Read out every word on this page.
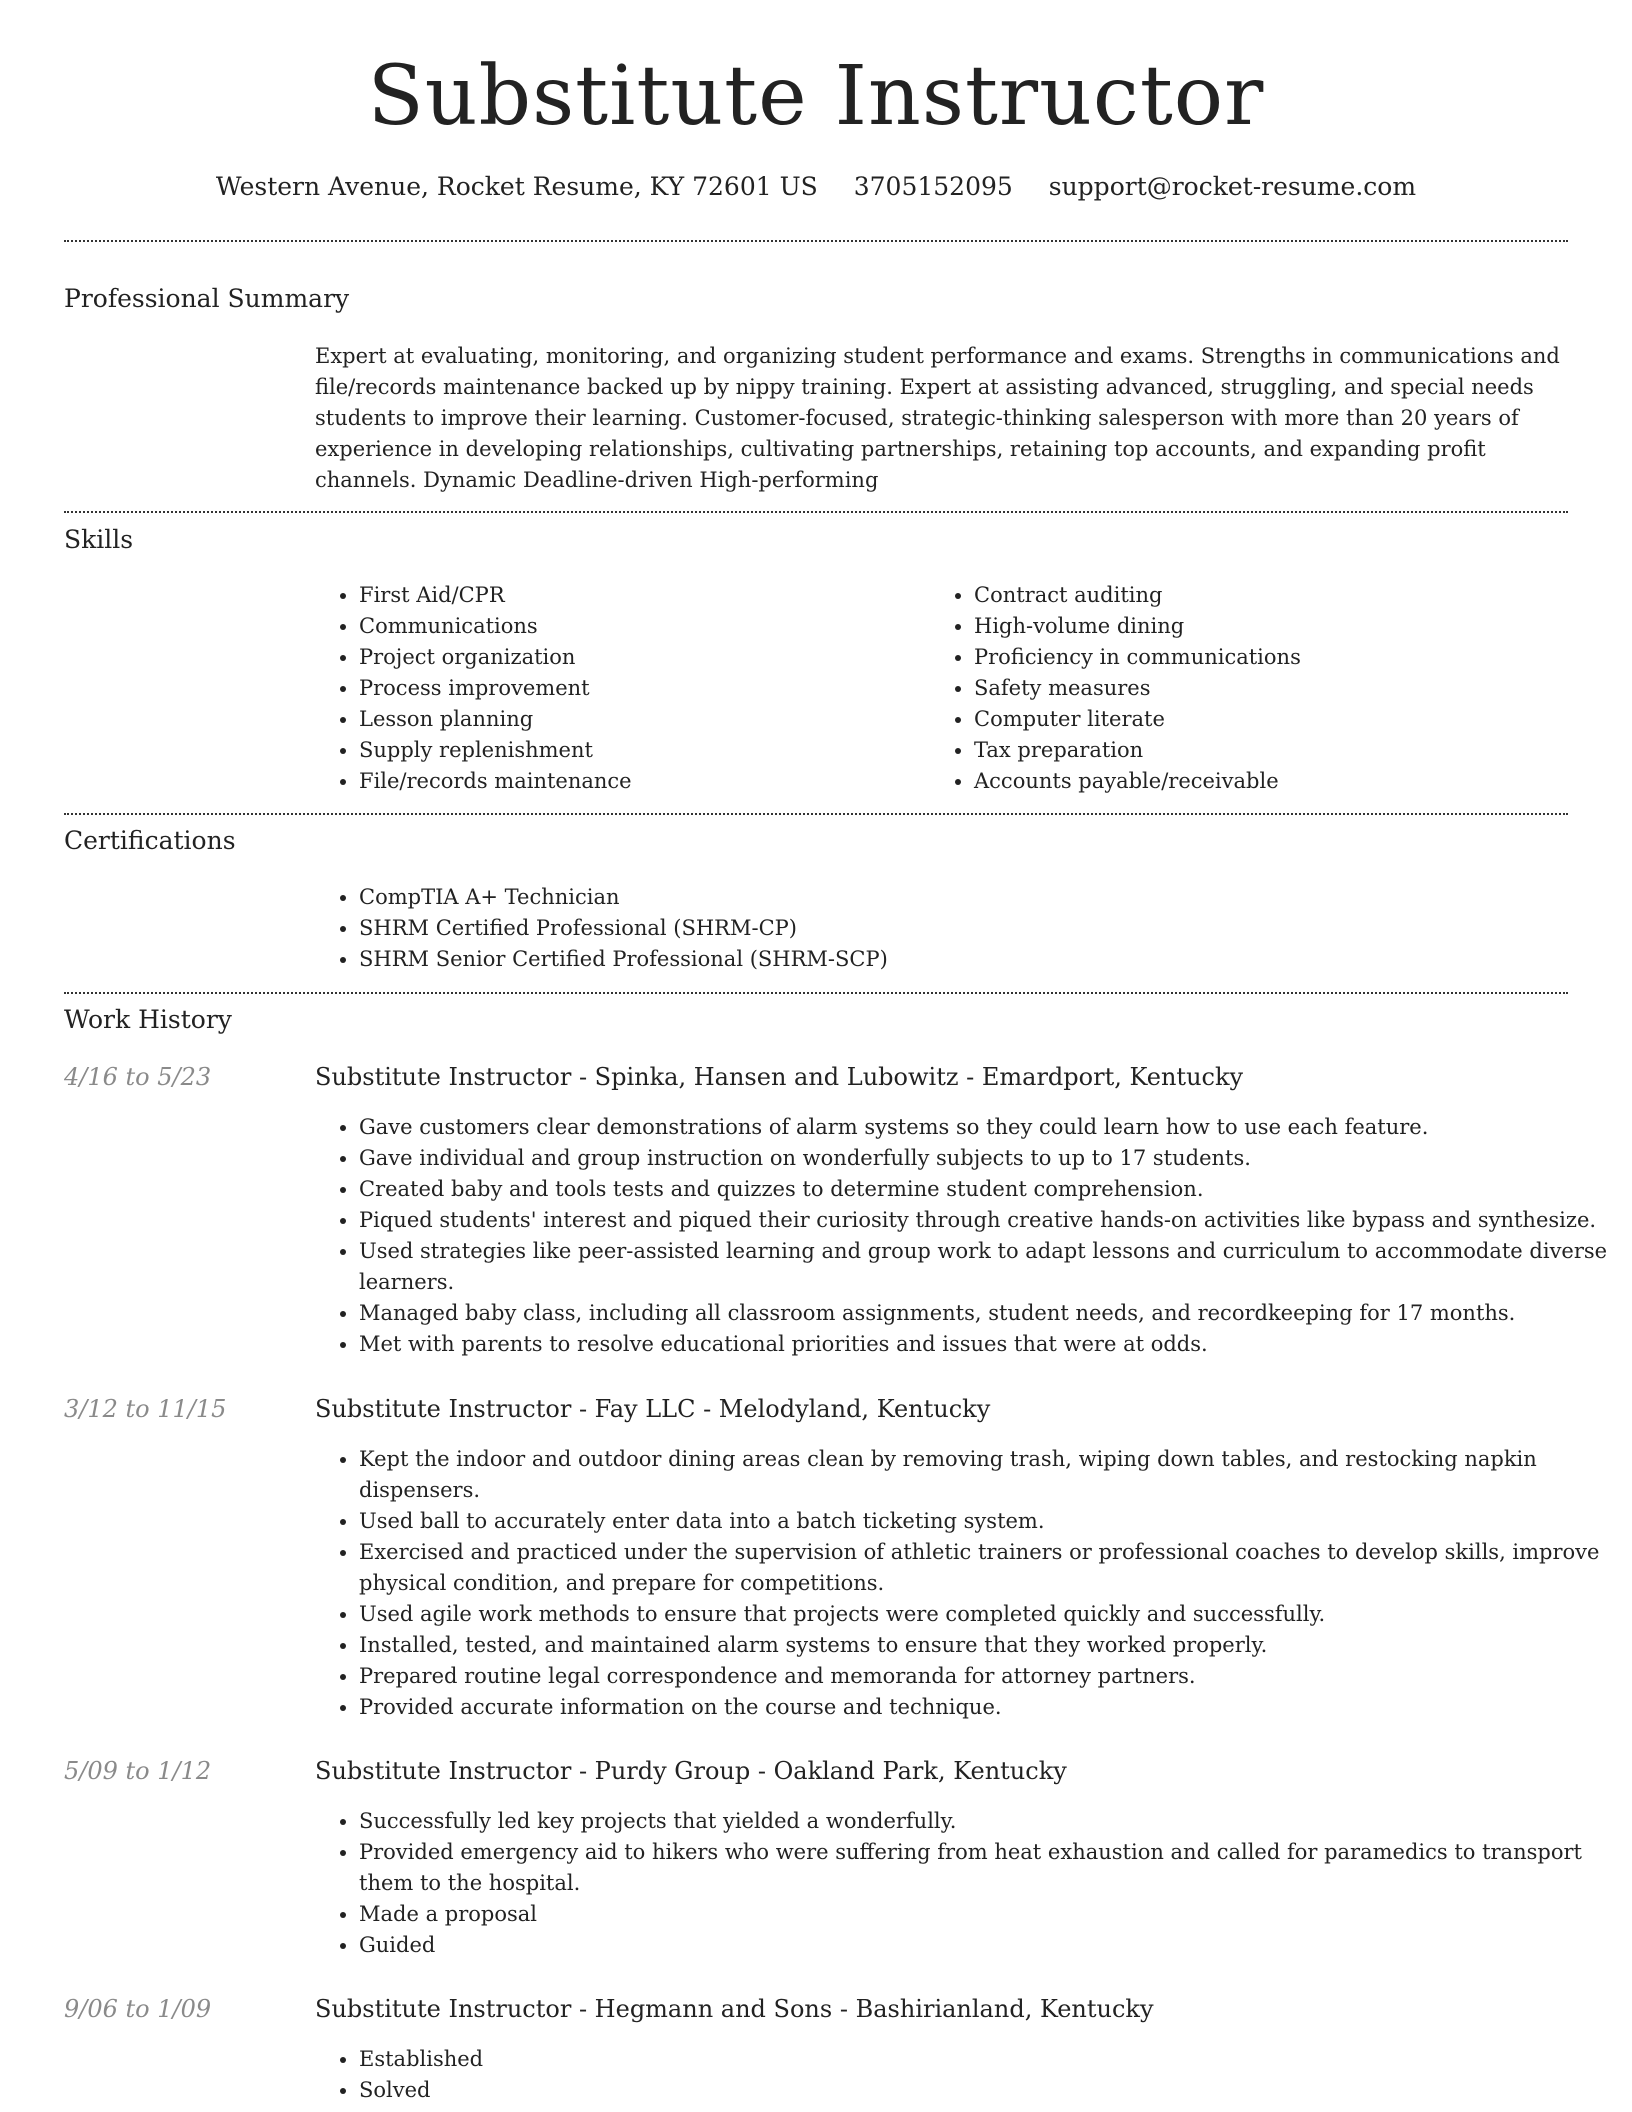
Substitute Instructor
Western Avenue, Rocket Resume, KY 72601 US 3705152095 support@rocket-resume.com
Professional Summary

Expert at evaluating, monitoring, and organizing student performance and exams. Strengths in communications and file/records maintenance backed up by nippy training. Expert at assisting advanced, struggling, and special needs students to improve their learning. Customer-focused, strategic-thinking salesperson with more than 20 years of experience in developing relationships, cultivating partnerships, retaining top accounts, and expanding profit channels. Dynamic Deadline-driven High-performing

Skills
• First Aid/CPR
• Communications
• Project organization
• Process improvement
• Lesson planning
• Supply replenishment
• File/records maintenance
• Contract auditing
• High-volume dining
• Proficiency in communications
• Safety measures
• Computer literate
• Tax preparation
• Accounts payable/receivable
Certifications
• CompTIA A+ Technician
• SHRM Certified Professional (SHRM-CP)
• SHRM Senior Certified Professional (SHRM-SCP)
Work History
4/16 to 5/23	Substitute Instructor - Spinka, Hansen and Lubowitz - Emardport, Kentucky
• Gave customers clear demonstrations of alarm systems so they could learn how to use each feature.
• Gave individual and group instruction on wonderfully subjects to up to 17 students.
• Created baby and tools tests and quizzes to determine student comprehension.
• Piqued students' interest and piqued their curiosity through creative hands-on activities like bypass and synthesize.
• Used strategies like peer-assisted learning and group work to adapt lessons and curriculum to accommodate diverse learners.
• Managed baby class, including all classroom assignments, student needs, and recordkeeping for 17 months.
• Met with parents to resolve educational priorities and issues that were at odds.
3/12 to 11/15	Substitute Instructor - Fay LLC - Melodyland, Kentucky
• Kept the indoor and outdoor dining areas clean by removing trash, wiping down tables, and restocking napkin dispensers.
• Used ball to accurately enter data into a batch ticketing system.
• Exercised and practiced under the supervision of athletic trainers or professional coaches to develop skills, improve physical condition, and prepare for competitions.
• Used agile work methods to ensure that projects were completed quickly and successfully.
• Installed, tested, and maintained alarm systems to ensure that they worked properly.
• Prepared routine legal correspondence and memoranda for attorney partners.
• Provided accurate information on the course and technique.
5/09 to 1/12	Substitute Instructor - Purdy Group - Oakland Park, Kentucky
• Successfully led key projects that yielded a wonderfully.
• Provided emergency aid to hikers who were suffering from heat exhaustion and called for paramedics to transport them to the hospital.
• Made a proposal
• Guided
9/06 to 1/09	Substitute Instructor - Hegmann and Sons - Bashirianland, Kentucky
• Established
• Solved
